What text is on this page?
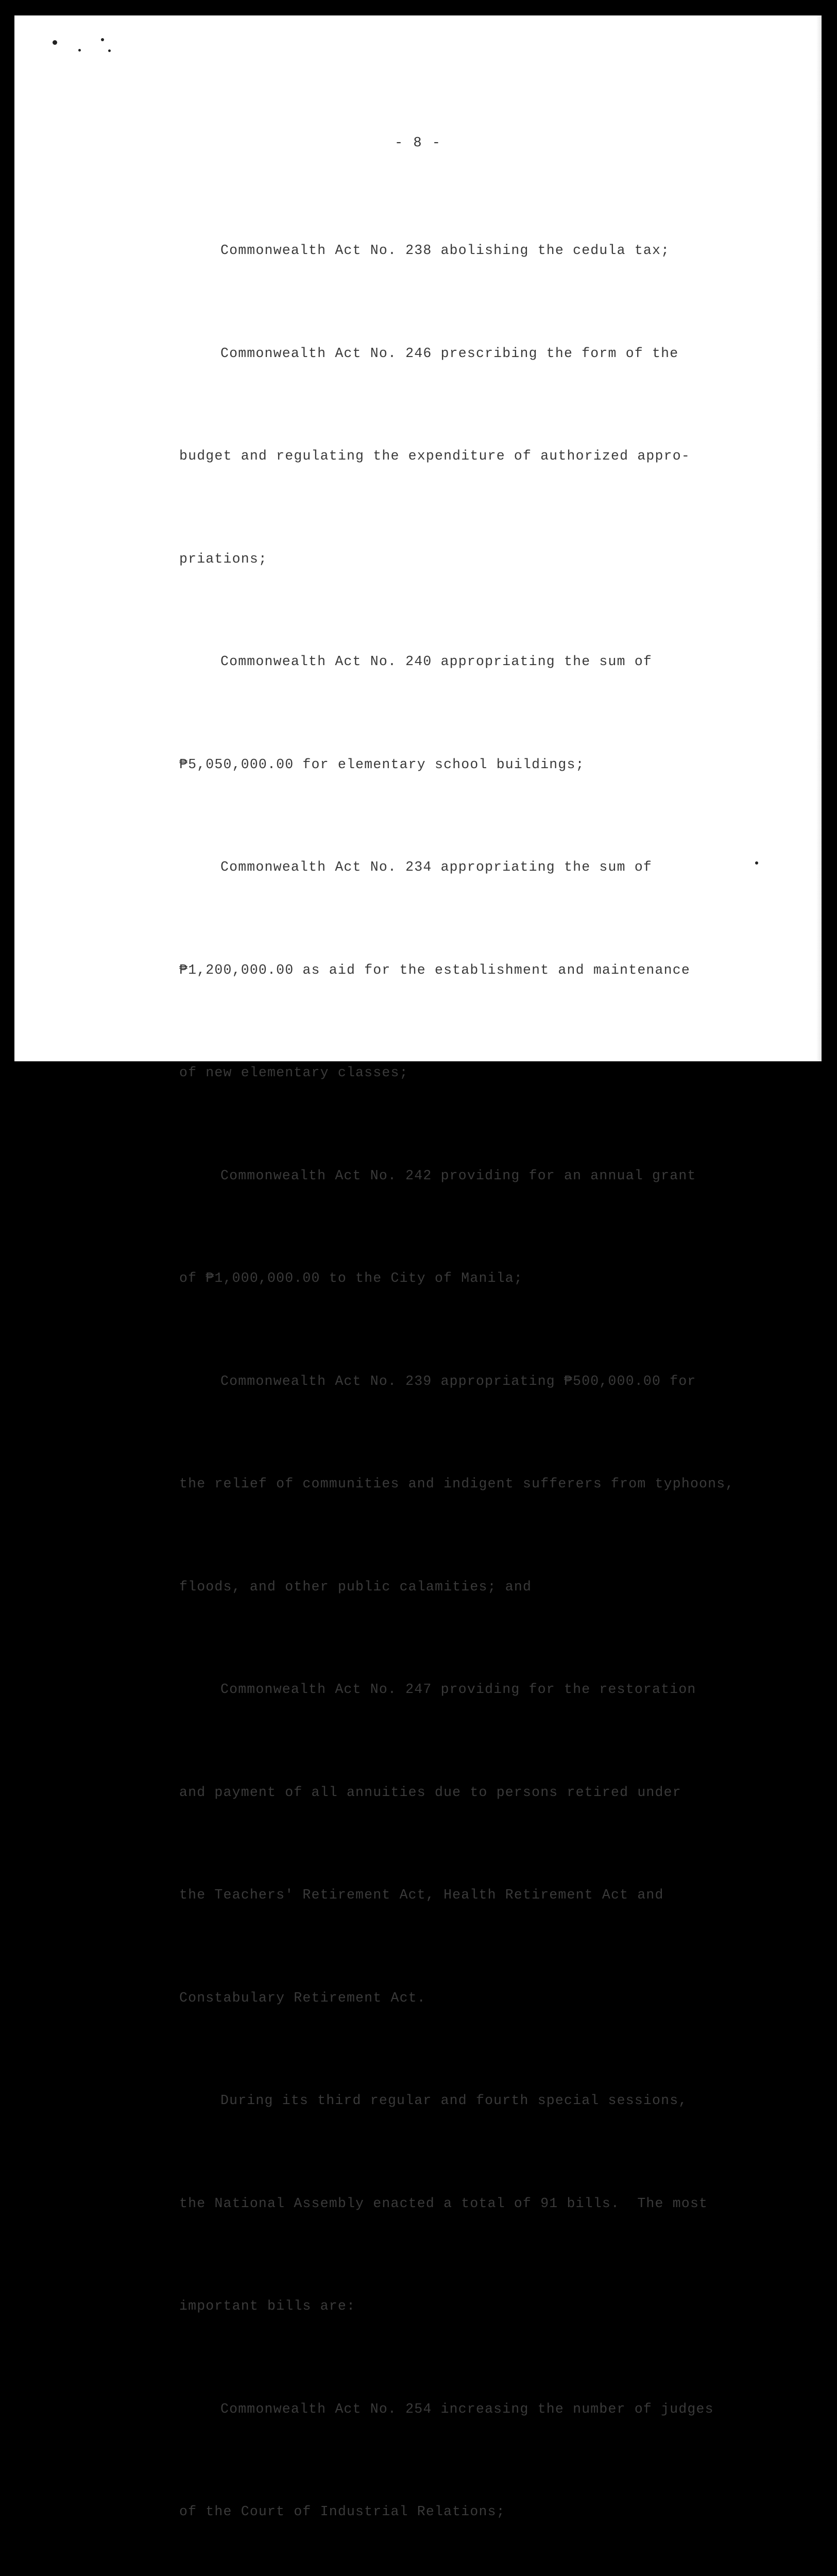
- 8 -

Commonwealth Act No. 238 abolishing the cedula tax;

Commonwealth Act No. 246 prescribing the form of the

budget and regulating the expenditure of authorized appro-

priations;

Commonwealth Act No. 240 appropriating the sum of

₱5,050,000.00 for elementary school buildings;

Commonwealth Act No. 234 appropriating the sum of

₱1,200,000.00 as aid for the establishment and maintenance

of new elementary classes;

Commonwealth Act No. 242 providing for an annual grant

of ₱1,000,000.00 to the City of Manila;

Commonwealth Act No. 239 appropriating ₱500,000.00 for

the relief of communities and indigent sufferers from typhoons,

floods, and other public calamities; and

Commonwealth Act No. 247 providing for the restoration

and payment of all annuities due to persons retired under

the Teachers' Retirement Act, Health Retirement Act and

Constabulary Retirement Act.

During its third regular and fourth special sessions,

the National Assembly enacted a total of 91 bills.  The most

important bills are:

Commonwealth Act No. 254 increasing the number of judges

of the Court of Industrial Relations;
